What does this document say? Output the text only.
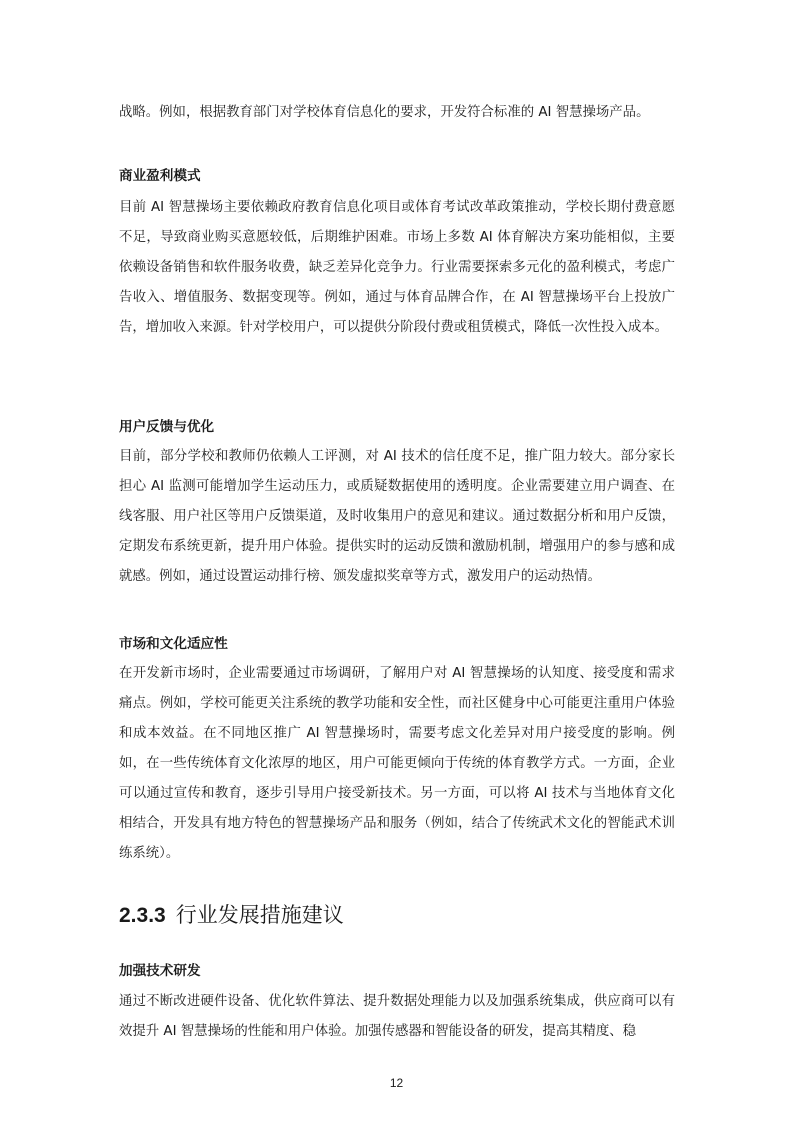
战略。例如，根据教育部门对学校体育信息化的要求，开发符合标准的 AI 智慧操场产品。
商业盈利模式
目前 AI 智慧操场主要依赖政府教育信息化项目或体育考试改革政策推动，学校长期付费意愿不足，导致商业购买意愿较低，后期维护困难。市场上多数 AI 体育解决方案功能相似，主要依赖设备销售和软件服务收费，缺乏差异化竞争力。行业需要探索多元化的盈利模式，考虑广告收入、增值服务、数据变现等。例如，通过与体育品牌合作，在 AI 智慧操场平台上投放广告，增加收入来源。针对学校用户，可以提供分阶段付费或租赁模式，降低一次性投入成本。
用户反馈与优化
目前，部分学校和教师仍依赖人工评测，对 AI 技术的信任度不足，推广阻力较大。部分家长担心 AI 监测可能增加学生运动压力，或质疑数据使用的透明度。企业需要建立用户调查、在线客服、用户社区等用户反馈渠道，及时收集用户的意见和建议。通过数据分析和用户反馈，定期发布系统更新，提升用户体验。提供实时的运动反馈和激励机制，增强用户的参与感和成就感。例如，通过设置运动排行榜、颁发虚拟奖章等方式，激发用户的运动热情。
市场和文化适应性
在开发新市场时，企业需要通过市场调研，了解用户对 AI 智慧操场的认知度、接受度和需求痛点。例如，学校可能更关注系统的教学功能和安全性，而社区健身中心可能更注重用户体验和成本效益。在不同地区推广 AI 智慧操场时，需要考虑文化差异对用户接受度的影响。例如，在一些传统体育文化浓厚的地区，用户可能更倾向于传统的体育教学方式。一方面，企业可以通过宣传和教育，逐步引导用户接受新技术。另一方面，可以将 AI 技术与当地体育文化相结合，开发具有地方特色的智慧操场产品和服务（例如，结合了传统武术文化的智能武术训练系统）。
2.3.3 行业发展措施建议
加强技术研发
通过不断改进硬件设备、优化软件算法、提升数据处理能力以及加强系统集成，供应商可以有效提升 AI 智慧操场的性能和用户体验。加强传感器和智能设备的研发，提高其精度、稳
12
